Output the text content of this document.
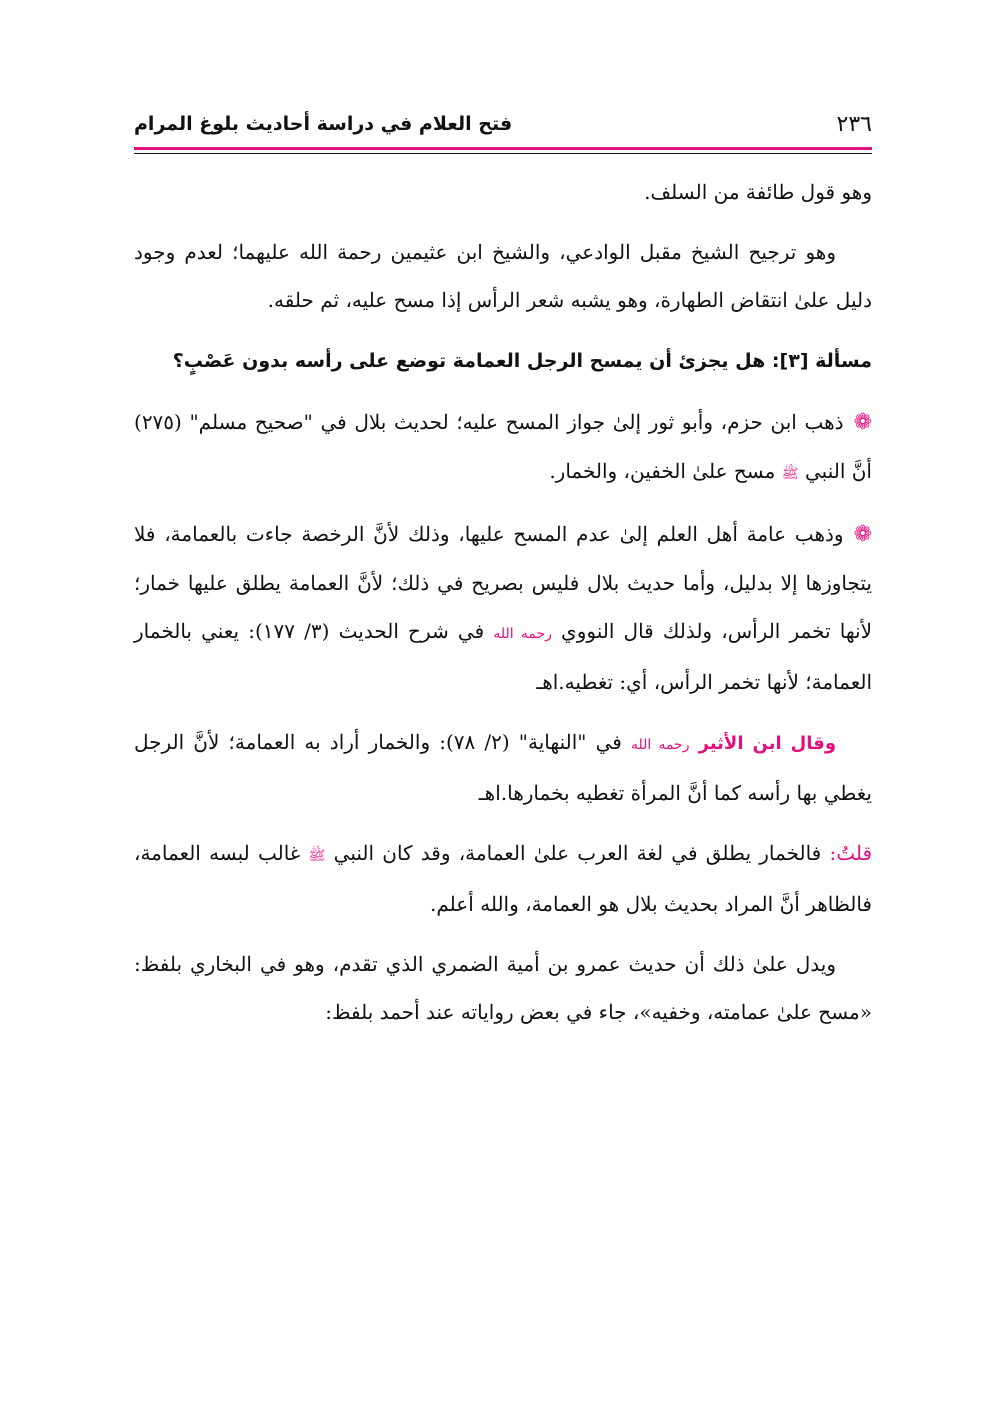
٢٣٦
فتح العلام في دراسة أحاديث بلوغ المرام

وهو قول طائفة من السلف.

وهو ترجيح الشيخ مقبل الوادعي، والشيخ ابن عثيمين رحمة الله عليهما؛ لعدم وجود دليل علىٰ انتقاض الطهارة، وهو يشبه شعر الرأس إذا مسح عليه، ثم حلقه.

مسألة [٣]: هل يجزئ أن يمسح الرجل العمامة توضع على رأسه بدون عَصْبٍ؟

❁ذهب ابن حزم، وأبو ثور إلىٰ جواز المسح عليه؛ لحديث بلال في "صحيح مسلم" (٢٧٥) أنَّ النبي ﷺ مسح علىٰ الخفين، والخمار.

❁وذهب عامة أهل العلم إلىٰ عدم المسح عليها، وذلك لأنَّ الرخصة جاءت بالعمامة، فلا يتجاوزها إلا بدليل، وأما حديث بلال فليس بصريح في ذلك؛ لأنَّ العمامة يطلق عليها خمار؛ لأنها تخمر الرأس، ولذلك قال النووي رحمه الله في شرح الحديث (٣/ ١٧٧): يعني بالخمار العمامة؛ لأنها تخمر الرأس، أي: تغطيه.اهـ

وقال ابن الأثير رحمه الله في "النهاية" (٢/ ٧٨): والخمار أراد به العمامة؛ لأنَّ الرجل يغطي بها رأسه كما أنَّ المرأة تغطيه بخمارها.اهـ

قلتُ: فالخمار يطلق في لغة العرب علىٰ العمامة، وقد كان النبي ﷺ غالب لبسه العمامة، فالظاهر أنَّ المراد بحديث بلال هو العمامة، والله أعلم.

ويدل علىٰ ذلك أن حديث عمرو بن أمية الضمري الذي تقدم، وهو في البخاري بلفظ: «مسح علىٰ عمامته، وخفيه»، جاء في بعض رواياته عند أحمد بلفظ:
